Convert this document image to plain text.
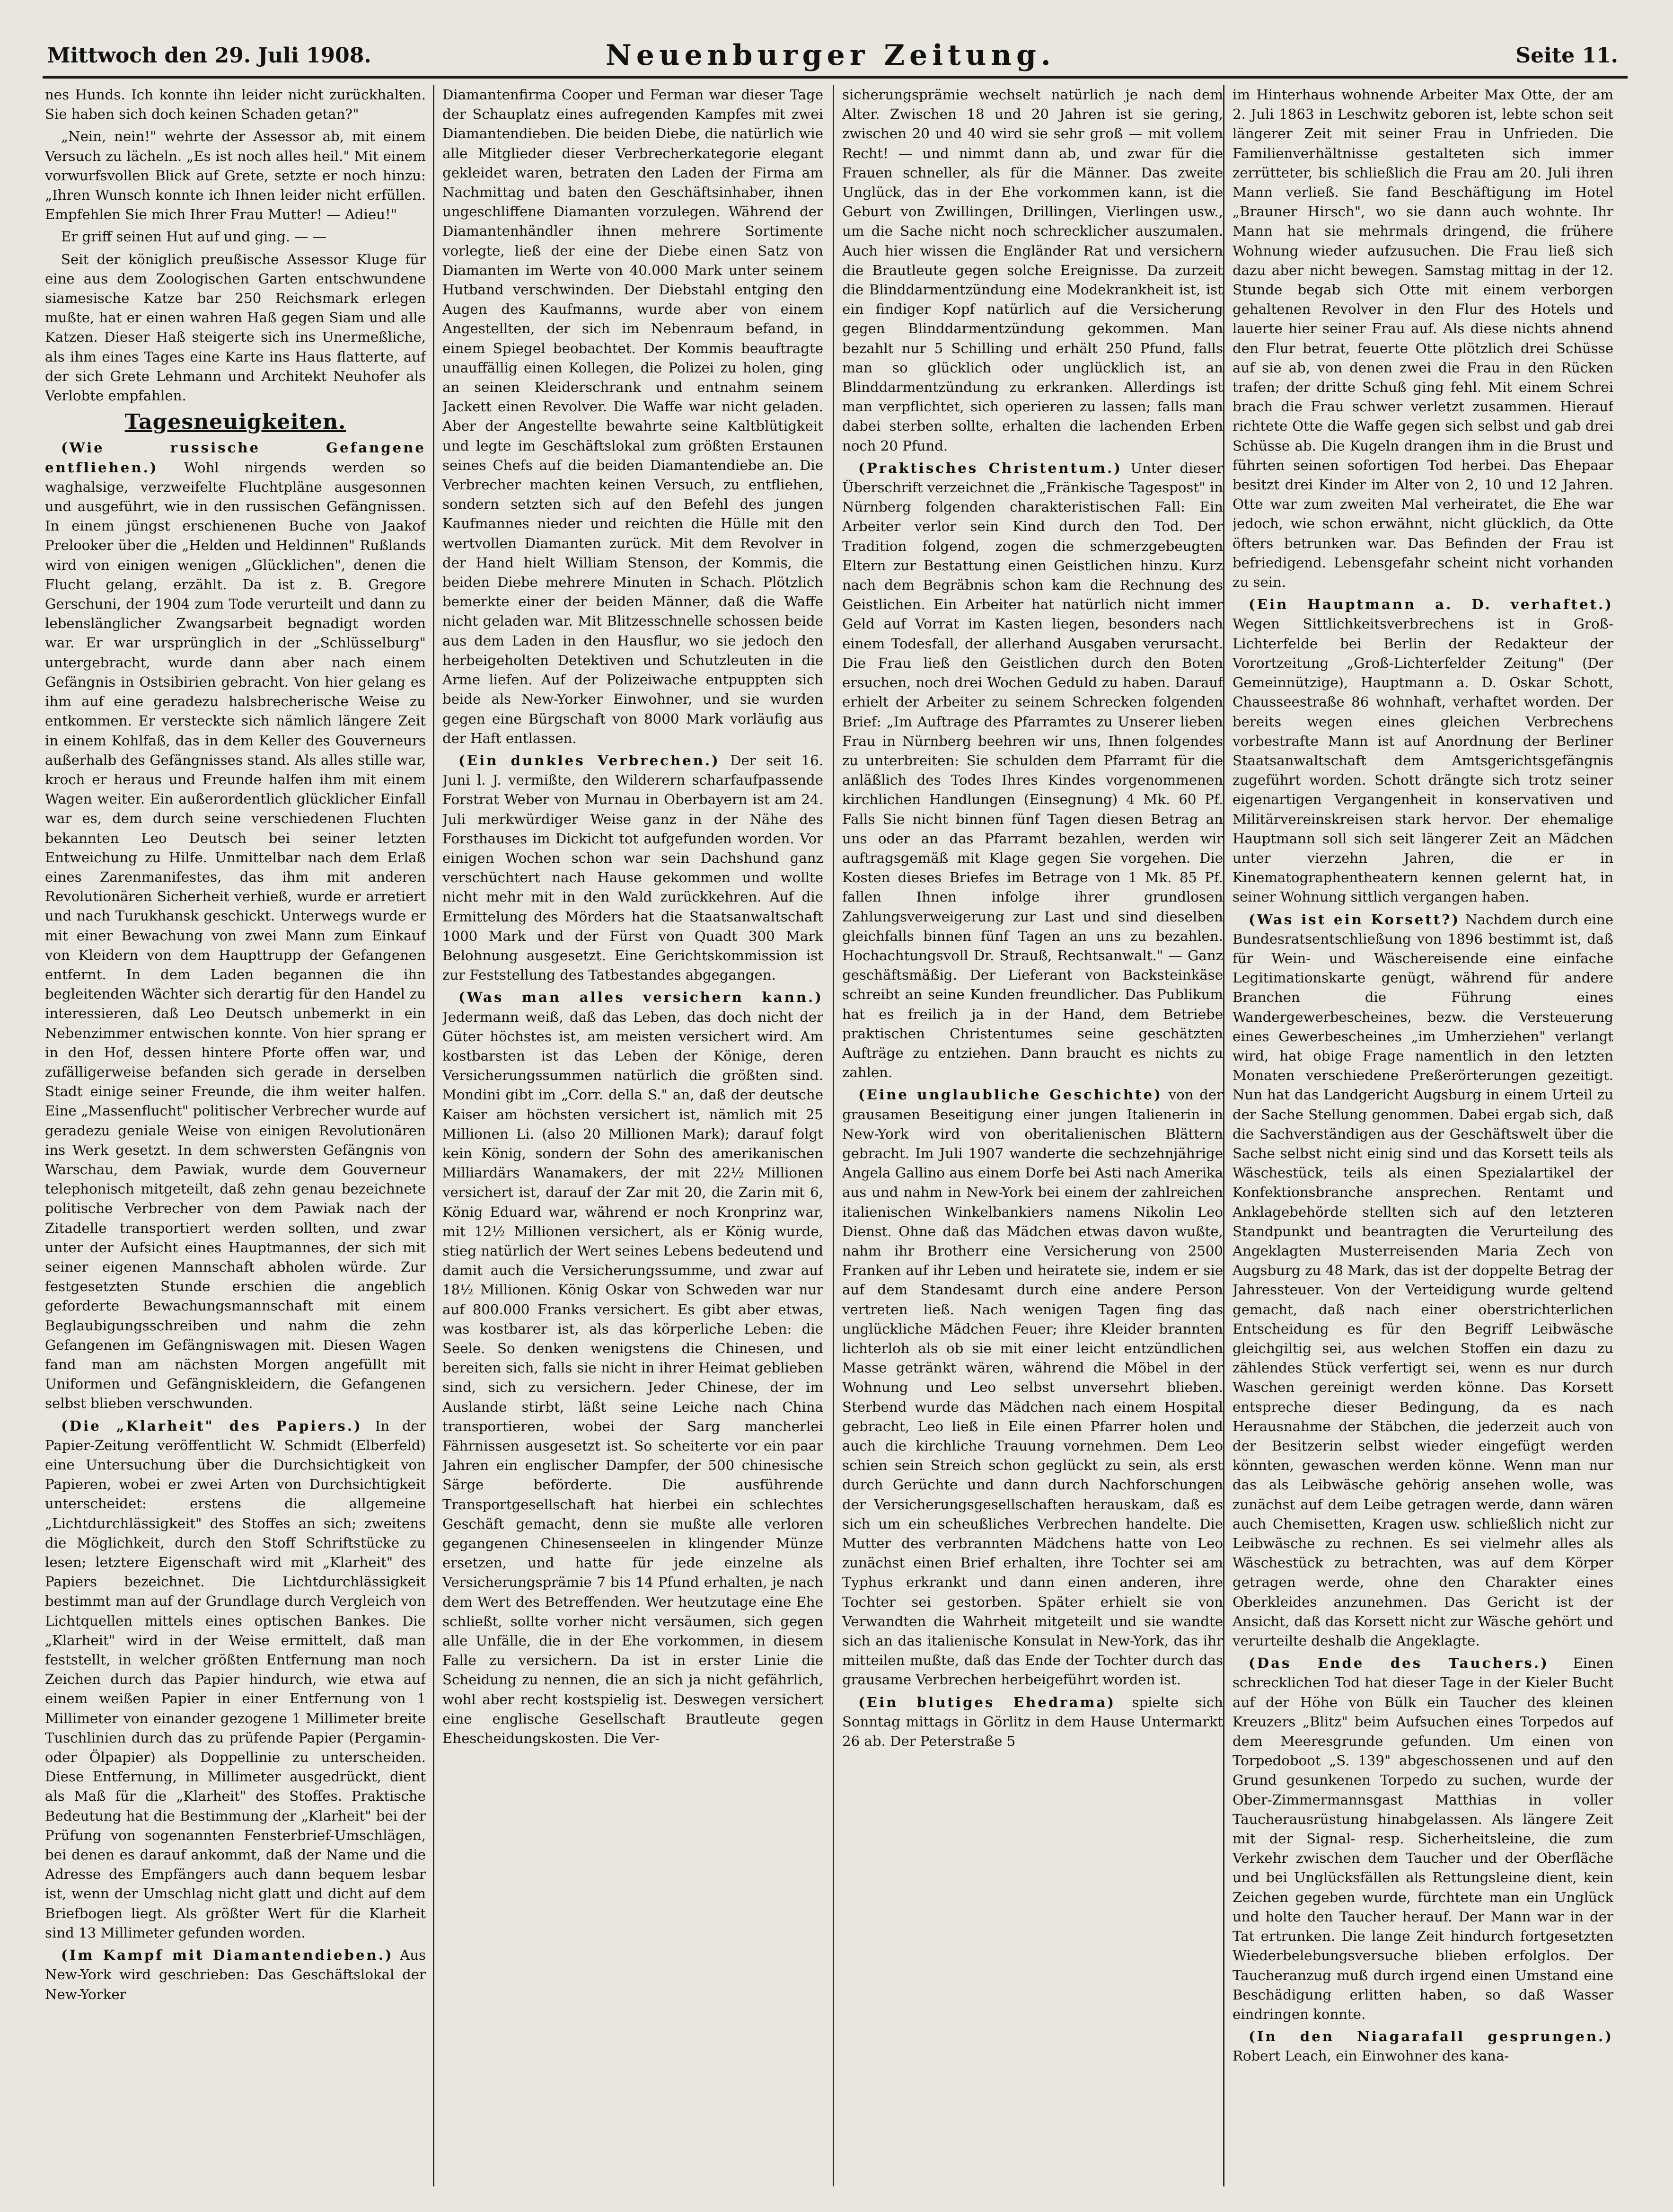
Mittwoch den 29. Juli 1908.	Neuenburger Zeitung.	Seite 11.

nes Hunds. Ich konnte ihn leider nicht zurückhalten. Sie haben sich doch keinen Schaden getan?"

„Nein, nein!" wehrte der Assessor ab, mit einem Versuch zu lächeln. „Es ist noch alles heil." Mit einem vorwurfsvollen Blick auf Grete, setzte er noch hinzu: „Ihren Wunsch konnte ich Ihnen leider nicht erfüllen. Empfehlen Sie mich Ihrer Frau Mutter! — Adieu!"

Er griff seinen Hut auf und ging. — —

Seit der königlich preußische Assessor Kluge für eine aus dem Zoologischen Garten entschwundene siamesische Katze bar 250 Reichsmark erlegen mußte, hat er einen wahren Haß gegen Siam und alle Katzen. Dieser Haß steigerte sich ins Unermeßliche, als ihm eines Tages eine Karte ins Haus flatterte, auf der sich Grete Lehmann und Architekt Neuhofer als Verlobte empfahlen.

Tagesneuigkeiten.

(Wie russische Gefangene entfliehen.) Wohl nirgends werden so waghalsige, verzweifelte Fluchtpläne ausgesonnen und ausgeführt, wie in den russischen Gefängnissen. In einem jüngst erschienenen Buche von Jaakof Prelooker über die „Helden und Heldinnen" Rußlands wird von einigen wenigen „Glücklichen", denen die Flucht gelang, erzählt. Da ist z. B. Gregore Gerschuni, der 1904 zum Tode verurteilt und dann zu lebenslänglicher Zwangsarbeit begnadigt worden war. Er war ursprünglich in der „Schlüsselburg" untergebracht, wurde dann aber nach einem Gefängnis in Ostsibirien gebracht. Von hier gelang es ihm auf eine geradezu halsbrecherische Weise zu entkommen. Er versteckte sich nämlich längere Zeit in einem Kohlfaß, das in dem Keller des Gouverneurs außerhalb des Gefängnisses stand. Als alles stille war, kroch er heraus und Freunde halfen ihm mit einem Wagen weiter. Ein außerordentlich glücklicher Einfall war es, dem durch seine verschiedenen Fluchten bekannten Leo Deutsch bei seiner letzten Entweichung zu Hilfe. Unmittelbar nach dem Erlaß eines Zarenmanifestes, das ihm mit anderen Revolutionären Sicherheit verhieß, wurde er arretiert und nach Turukhansk geschickt. Unterwegs wurde er mit einer Bewachung von zwei Mann zum Einkauf von Kleidern von dem Haupttrupp der Gefangenen entfernt. In dem Laden begannen die ihn begleitenden Wächter sich derartig für den Handel zu interessieren, daß Leo Deutsch unbemerkt in ein Nebenzimmer entwischen konnte. Von hier sprang er in den Hof, dessen hintere Pforte offen war, und zufälligerweise befanden sich gerade in derselben Stadt einige seiner Freunde, die ihm weiter halfen. Eine „Massenflucht" politischer Verbrecher wurde auf geradezu geniale Weise von einigen Revolutionären ins Werk gesetzt. In dem schwersten Gefängnis von Warschau, dem Pawiak, wurde dem Gouverneur telephonisch mitgeteilt, daß zehn genau bezeichnete politische Verbrecher von dem Pawiak nach der Zitadelle transportiert werden sollten, und zwar unter der Aufsicht eines Hauptmannes, der sich mit seiner eigenen Mannschaft abholen würde. Zur festgesetzten Stunde erschien die angeblich geforderte Bewachungsmannschaft mit einem Beglaubigungsschreiben und nahm die zehn Gefangenen im Gefängniswagen mit. Diesen Wagen fand man am nächsten Morgen angefüllt mit Uniformen und Gefängniskleidern, die Gefangenen selbst blieben verschwunden.

(Die „Klarheit" des Papiers.) In der Papier-Zeitung veröffentlicht W. Schmidt (Elberfeld) eine Untersuchung über die Durchsichtigkeit von Papieren, wobei er zwei Arten von Durchsichtigkeit unterscheidet: erstens die allgemeine „Lichtdurchlässigkeit" des Stoffes an sich; zweitens die Möglichkeit, durch den Stoff Schriftstücke zu lesen; letztere Eigenschaft wird mit „Klarheit" des Papiers bezeichnet. Die Lichtdurchlässigkeit bestimmt man auf der Grundlage durch Vergleich von Lichtquellen mittels eines optischen Bankes. Die „Klarheit" wird in der Weise ermittelt, daß man feststellt, in welcher größten Entfernung man noch Zeichen durch das Papier hindurch, wie etwa auf einem weißen Papier in einer Entfernung von 1 Millimeter von einander gezogene 1 Millimeter breite Tuschlinien durch das zu prüfende Papier (Pergamin- oder Ölpapier) als Doppellinie zu unterscheiden. Diese Entfernung, in Millimeter ausgedrückt, dient als Maß für die „Klarheit" des Stoffes. Praktische Bedeutung hat die Bestimmung der „Klarheit" bei der Prüfung von sogenannten Fensterbrief-Umschlägen, bei denen es darauf ankommt, daß der Name und die Adresse des Empfängers auch dann bequem lesbar ist, wenn der Umschlag nicht glatt und dicht auf dem Briefbogen liegt. Als größter Wert für die Klarheit sind 13 Millimeter gefunden worden.

(Im Kampf mit Diamantendieben.) Aus New-York wird geschrieben: Das Geschäftslokal der New-Yorker

Diamantenfirma Cooper und Ferman war dieser Tage der Schauplatz eines aufregenden Kampfes mit zwei Diamantendieben. Die beiden Diebe, die natürlich wie alle Mitglieder dieser Verbrecherkategorie elegant gekleidet waren, betraten den Laden der Firma am Nachmittag und baten den Geschäftsinhaber, ihnen ungeschliffene Diamanten vorzulegen. Während der Diamantenhändler ihnen mehrere Sortimente vorlegte, ließ der eine der Diebe einen Satz von Diamanten im Werte von 40.000 Mark unter seinem Hutband verschwinden. Der Diebstahl entging den Augen des Kaufmanns, wurde aber von einem Angestellten, der sich im Nebenraum befand, in einem Spiegel beobachtet. Der Kommis beauftragte unauffällig einen Kollegen, die Polizei zu holen, ging an seinen Kleiderschrank und entnahm seinem Jackett einen Revolver. Die Waffe war nicht geladen. Aber der Angestellte bewahrte seine Kaltblütigkeit und legte im Geschäftslokal zum größten Erstaunen seines Chefs auf die beiden Diamantendiebe an. Die Verbrecher machten keinen Versuch, zu entfliehen, sondern setzten sich auf den Befehl des jungen Kaufmannes nieder und reichten die Hülle mit den wertvollen Diamanten zurück. Mit dem Revolver in der Hand hielt William Stenson, der Kommis, die beiden Diebe mehrere Minuten in Schach. Plötzlich bemerkte einer der beiden Männer, daß die Waffe nicht geladen war. Mit Blitzesschnelle schossen beide aus dem Laden in den Hausflur, wo sie jedoch den herbeigeholten Detektiven und Schutzleuten in die Arme liefen. Auf der Polizeiwache entpuppten sich beide als New-Yorker Einwohner, und sie wurden gegen eine Bürgschaft von 8000 Mark vorläufig aus der Haft entlassen.

(Ein dunkles Verbrechen.) Der seit 16. Juni l. J. vermißte, den Wilderern scharfaufpassende Forstrat Weber von Murnau in Oberbayern ist am 24. Juli merkwürdiger Weise ganz in der Nähe des Forsthauses im Dickicht tot aufgefunden worden. Vor einigen Wochen schon war sein Dachshund ganz verschüchtert nach Hause gekommen und wollte nicht mehr mit in den Wald zurückkehren. Auf die Ermittelung des Mörders hat die Staatsanwaltschaft 1000 Mark und der Fürst von Quadt 300 Mark Belohnung ausgesetzt. Eine Gerichtskommission ist zur Feststellung des Tatbestandes abgegangen.

(Was man alles versichern kann.) Jedermann weiß, daß das Leben, das doch nicht der Güter höchstes ist, am meisten versichert wird. Am kostbarsten ist das Leben der Könige, deren Versicherungssummen natürlich die größten sind. Mondini gibt im „Corr. della S." an, daß der deutsche Kaiser am höchsten versichert ist, nämlich mit 25 Millionen Li. (also 20 Millionen Mark); darauf folgt kein König, sondern der Sohn des amerikanischen Milliardärs Wanamakers, der mit 22½ Millionen versichert ist, darauf der Zar mit 20, die Zarin mit 6, König Eduard war, während er noch Kronprinz war, mit 12½ Millionen versichert, als er König wurde, stieg natürlich der Wert seines Lebens bedeutend und damit auch die Versicherungssumme, und zwar auf 18½ Millionen. König Oskar von Schweden war nur auf 800.000 Franks versichert. Es gibt aber etwas, was kostbarer ist, als das körperliche Leben: die Seele. So denken wenigstens die Chinesen, und bereiten sich, falls sie nicht in ihrer Heimat geblieben sind, sich zu versichern. Jeder Chinese, der im Auslande stirbt, läßt seine Leiche nach China transportieren, wobei der Sarg mancherlei Fährnissen ausgesetzt ist. So scheiterte vor ein paar Jahren ein englischer Dampfer, der 500 chinesische Särge beförderte. Die ausführende Transportgesellschaft hat hierbei ein schlechtes Geschäft gemacht, denn sie mußte alle verloren gegangenen Chinesenseelen in klingender Münze ersetzen, und hatte für jede einzelne als Versicherungsprämie 7 bis 14 Pfund erhalten, je nach dem Wert des Betreffenden. Wer heutzutage eine Ehe schließt, sollte vorher nicht versäumen, sich gegen alle Unfälle, die in der Ehe vorkommen, in diesem Falle zu versichern. Da ist in erster Linie die Scheidung zu nennen, die an sich ja nicht gefährlich, wohl aber recht kostspielig ist. Deswegen versichert eine englische Gesellschaft Brautleute gegen Ehescheidungskosten. Die Ver-

sicherungsprämie wechselt natürlich je nach dem Alter. Zwischen 18 und 20 Jahren ist sie gering, zwischen 20 und 40 wird sie sehr groß — mit vollem Recht! — und nimmt dann ab, und zwar für die Frauen schneller, als für die Männer. Das zweite Unglück, das in der Ehe vorkommen kann, ist die Geburt von Zwillingen, Drillingen, Vierlingen usw., um die Sache nicht noch schrecklicher auszumalen. Auch hier wissen die Engländer Rat und versichern die Brautleute gegen solche Ereignisse. Da zurzeit die Blinddarmentzündung eine Modekrankheit ist, ist ein findiger Kopf natürlich auf die Versicherung gegen Blinddarmentzündung gekommen. Man bezahlt nur 5 Schilling und erhält 250 Pfund, falls man so glücklich oder unglücklich ist, an Blinddarmentzündung zu erkranken. Allerdings ist man verpflichtet, sich operieren zu lassen; falls man dabei sterben sollte, erhalten die lachenden Erben noch 20 Pfund.

(Praktisches Christentum.) Unter dieser Überschrift verzeichnet die „Fränkische Tagespost" in Nürnberg folgenden charakteristischen Fall: Ein Arbeiter verlor sein Kind durch den Tod. Der Tradition folgend, zogen die schmerzgebeugten Eltern zur Bestattung einen Geistlichen hinzu. Kurz nach dem Begräbnis schon kam die Rechnung des Geistlichen. Ein Arbeiter hat natürlich nicht immer Geld auf Vorrat im Kasten liegen, besonders nach einem Todesfall, der allerhand Ausgaben verursacht. Die Frau ließ den Geistlichen durch den Boten ersuchen, noch drei Wochen Geduld zu haben. Darauf erhielt der Arbeiter zu seinem Schrecken folgenden Brief: „Im Auftrage des Pfarramtes zu Unserer lieben Frau in Nürnberg beehren wir uns, Ihnen folgendes zu unterbreiten: Sie schulden dem Pfarramt für die anläßlich des Todes Ihres Kindes vorgenommenen kirchlichen Handlungen (Einsegnung) 4 Mk. 60 Pf. Falls Sie nicht binnen fünf Tagen diesen Betrag an uns oder an das Pfarramt bezahlen, werden wir auftragsgemäß mit Klage gegen Sie vorgehen. Die Kosten dieses Briefes im Betrage von 1 Mk. 85 Pf. fallen Ihnen infolge ihrer grundlosen Zahlungsverweigerung zur Last und sind dieselben gleichfalls binnen fünf Tagen an uns zu bezahlen. Hochachtungsvoll Dr. Strauß, Rechtsanwalt." — Ganz geschäftsmäßig. Der Lieferant von Backsteinkäse schreibt an seine Kunden freundlicher. Das Publikum hat es freilich ja in der Hand, dem Betriebe praktischen Christentumes seine geschätzten Aufträge zu entziehen. Dann braucht es nichts zu zahlen.

(Eine unglaubliche Geschichte) von der grausamen Beseitigung einer jungen Italienerin in New-York wird von oberitalienischen Blättern gebracht. Im Juli 1907 wanderte die sechzehnjährige Angela Gallino aus einem Dorfe bei Asti nach Amerika aus und nahm in New-York bei einem der zahlreichen italienischen Winkelbankiers namens Nikolin Leo Dienst. Ohne daß das Mädchen etwas davon wußte, nahm ihr Brotherr eine Versicherung von 2500 Franken auf ihr Leben und heiratete sie, indem er sie auf dem Standesamt durch eine andere Person vertreten ließ. Nach wenigen Tagen fing das unglückliche Mädchen Feuer; ihre Kleider brannten lichterloh als ob sie mit einer leicht entzündlichen Masse getränkt wären, während die Möbel in der Wohnung und Leo selbst unversehrt blieben. Sterbend wurde das Mädchen nach einem Hospital gebracht, Leo ließ in Eile einen Pfarrer holen und auch die kirchliche Trauung vornehmen. Dem Leo schien sein Streich schon geglückt zu sein, als erst durch Gerüchte und dann durch Nachforschungen der Versicherungsgesellschaften herauskam, daß es sich um ein scheußliches Verbrechen handelte. Die Mutter des verbrannten Mädchens hatte von Leo zunächst einen Brief erhalten, ihre Tochter sei am Typhus erkrankt und dann einen anderen, ihre Tochter sei gestorben. Später erhielt sie von Verwandten die Wahrheit mitgeteilt und sie wandte sich an das italienische Konsulat in New-York, das ihr mitteilen mußte, daß das Ende der Tochter durch das grausame Verbrechen herbeigeführt worden ist.

(Ein blutiges Ehedrama) spielte sich Sonntag mittags in Görlitz in dem Hause Untermarkt 26 ab. Der Peterstraße 5

im Hinterhaus wohnende Arbeiter Max Otte, der am 2. Juli 1863 in Leschwitz geboren ist, lebte schon seit längerer Zeit mit seiner Frau in Unfrieden. Die Familienverhältnisse gestalteten sich immer zerrütteter, bis schließlich die Frau am 20. Juli ihren Mann verließ. Sie fand Beschäftigung im Hotel „Brauner Hirsch", wo sie dann auch wohnte. Ihr Mann hat sie mehrmals dringend, die frühere Wohnung wieder aufzusuchen. Die Frau ließ sich dazu aber nicht bewegen. Samstag mittag in der 12. Stunde begab sich Otte mit einem verborgen gehaltenen Revolver in den Flur des Hotels und lauerte hier seiner Frau auf. Als diese nichts ahnend den Flur betrat, feuerte Otte plötzlich drei Schüsse auf sie ab, von denen zwei die Frau in den Rücken trafen; der dritte Schuß ging fehl. Mit einem Schrei brach die Frau schwer verletzt zusammen. Hierauf richtete Otte die Waffe gegen sich selbst und gab drei Schüsse ab. Die Kugeln drangen ihm in die Brust und führten seinen sofortigen Tod herbei. Das Ehepaar besitzt drei Kinder im Alter von 2, 10 und 12 Jahren. Otte war zum zweiten Mal verheiratet, die Ehe war jedoch, wie schon erwähnt, nicht glücklich, da Otte öfters betrunken war. Das Befinden der Frau ist befriedigend. Lebensgefahr scheint nicht vorhanden zu sein.

(Ein Hauptmann a. D. verhaftet.) Wegen Sittlichkeitsverbrechens ist in Groß-Lichterfelde bei Berlin der Redakteur der Vorortzeitung „Groß-Lichterfelder Zeitung" (Der Gemeinnützige), Hauptmann a. D. Oskar Schott, Chausseestraße 86 wohnhaft, verhaftet worden. Der bereits wegen eines gleichen Verbrechens vorbestrafte Mann ist auf Anordnung der Berliner Staatsanwaltschaft dem Amtsgerichtsgefängnis zugeführt worden. Schott drängte sich trotz seiner eigenartigen Vergangenheit in konservativen und Militärvereinskreisen stark hervor. Der ehemalige Hauptmann soll sich seit längerer Zeit an Mädchen unter vierzehn Jahren, die er in Kinematographentheatern kennen gelernt hat, in seiner Wohnung sittlich vergangen haben.

(Was ist ein Korsett?) Nachdem durch eine Bundesratsentschließung von 1896 bestimmt ist, daß für Wein- und Wäschereisende eine einfache Legitimationskarte genügt, während für andere Branchen die Führung eines Wandergewerbescheines, bezw. die Versteuerung eines Gewerbescheines „im Umherziehen" verlangt wird, hat obige Frage namentlich in den letzten Monaten verschiedene Preßerörterungen gezeitigt. Nun hat das Landgericht Augsburg in einem Urteil zu der Sache Stellung genommen. Dabei ergab sich, daß die Sachverständigen aus der Geschäftswelt über die Sache selbst nicht einig sind und das Korsett teils als Wäschestück, teils als einen Spezialartikel der Konfektionsbranche ansprechen. Rentamt und Anklagebehörde stellten sich auf den letzteren Standpunkt und beantragten die Verurteilung des Angeklagten Musterreisenden Maria Zech von Augsburg zu 48 Mark, das ist der doppelte Betrag der Jahressteuer. Von der Verteidigung wurde geltend gemacht, daß nach einer oberstrichterlichen Entscheidung es für den Begriff Leibwäsche gleichgiltig sei, aus welchen Stoffen ein dazu zu zählendes Stück verfertigt sei, wenn es nur durch Waschen gereinigt werden könne. Das Korsett entspreche dieser Bedingung, da es nach Herausnahme der Stäbchen, die jederzeit auch von der Besitzerin selbst wieder eingefügt werden könnten, gewaschen werden könne. Wenn man nur das als Leibwäsche gehörig ansehen wolle, was zunächst auf dem Leibe getragen werde, dann wären auch Chemisetten, Kragen usw. schließlich nicht zur Leibwäsche zu rechnen. Es sei vielmehr alles als Wäschestück zu betrachten, was auf dem Körper getragen werde, ohne den Charakter eines Oberkleides anzunehmen. Das Gericht ist der Ansicht, daß das Korsett nicht zur Wäsche gehört und verurteilte deshalb die Angeklagte.

(Das Ende des Tauchers.) Einen schrecklichen Tod hat dieser Tage in der Kieler Bucht auf der Höhe von Bülk ein Taucher des kleinen Kreuzers „Blitz" beim Aufsuchen eines Torpedos auf dem Meeresgrunde gefunden. Um einen von Torpedoboot „S. 139" abgeschossenen und auf den Grund gesunkenen Torpedo zu suchen, wurde der Ober-Zimmermannsgast Matthias in voller Taucherausrüstung hinabgelassen. Als längere Zeit mit der Signal- resp. Sicherheitsleine, die zum Verkehr zwischen dem Taucher und der Oberfläche und bei Unglücksfällen als Rettungsleine dient, kein Zeichen gegeben wurde, fürchtete man ein Unglück und holte den Taucher herauf. Der Mann war in der Tat ertrunken. Die lange Zeit hindurch fortgesetzten Wiederbelebungsversuche blieben erfolglos. Der Taucheranzug muß durch irgend einen Umstand eine Beschädigung erlitten haben, so daß Wasser eindringen konnte.

(In den Niagarafall gesprungen.) Robert Leach, ein Einwohner des kana-
